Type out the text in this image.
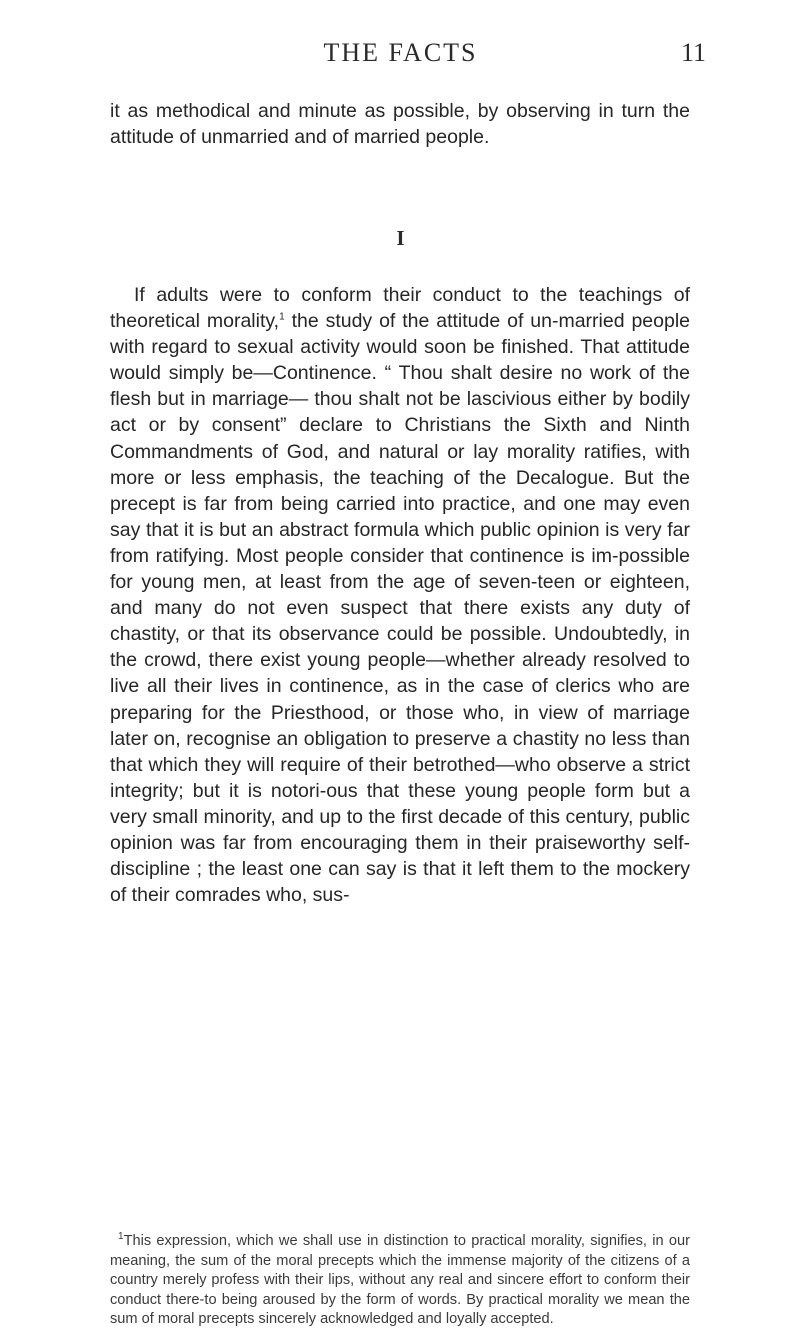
THE FACTS	11

it as methodical and minute as possible, by observing in turn the attitude of unmarried and of married people.

I

If adults were to conform their conduct to the teachings of theoretical morality,$^1$ the study of the attitude of un-married people with regard to sexual activity would soon be finished. That attitude would simply be—Continence. “ Thou shalt desire no work of the flesh but in marriage— thou shalt not be lascivious either by bodily act or by consent” declare to Christians the Sixth and Ninth Commandments of God, and natural or lay morality ratifies, with more or less emphasis, the teaching of the Decalogue. But the precept is far from being carried into practice, and one may even say that it is but an abstract formula which public opinion is very far from ratifying. Most people consider that continence is im-possible for young men, at least from the age of seven-teen or eighteen, and many do not even suspect that there exists any duty of chastity, or that its observance could be possible. Undoubtedly, in the crowd, there exist young people—whether already resolved to live all their lives in continence, as in the case of clerics who are preparing for the Priesthood, or those who, in view of marriage later on, recognise an obligation to preserve a chastity no less than that which they will require of their betrothed—who observe a strict integrity; but it is notori-ous that these young people form but a very small minority, and up to the first decade of this century, public opinion was far from encouraging them in their praiseworthy self-discipline ; the least one can say is that it left them to the mockery of their comrades who, sus-

$^1$This expression, which we shall use in distinction to practical morality, signifies, in our meaning, the sum of the moral precepts which the immense majority of the citizens of a country merely profess with their lips, without any real and sincere effort to conform their conduct there-to being aroused by the form of words. By practical morality we mean the sum of moral precepts sincerely acknowledged and loyally accepted.
